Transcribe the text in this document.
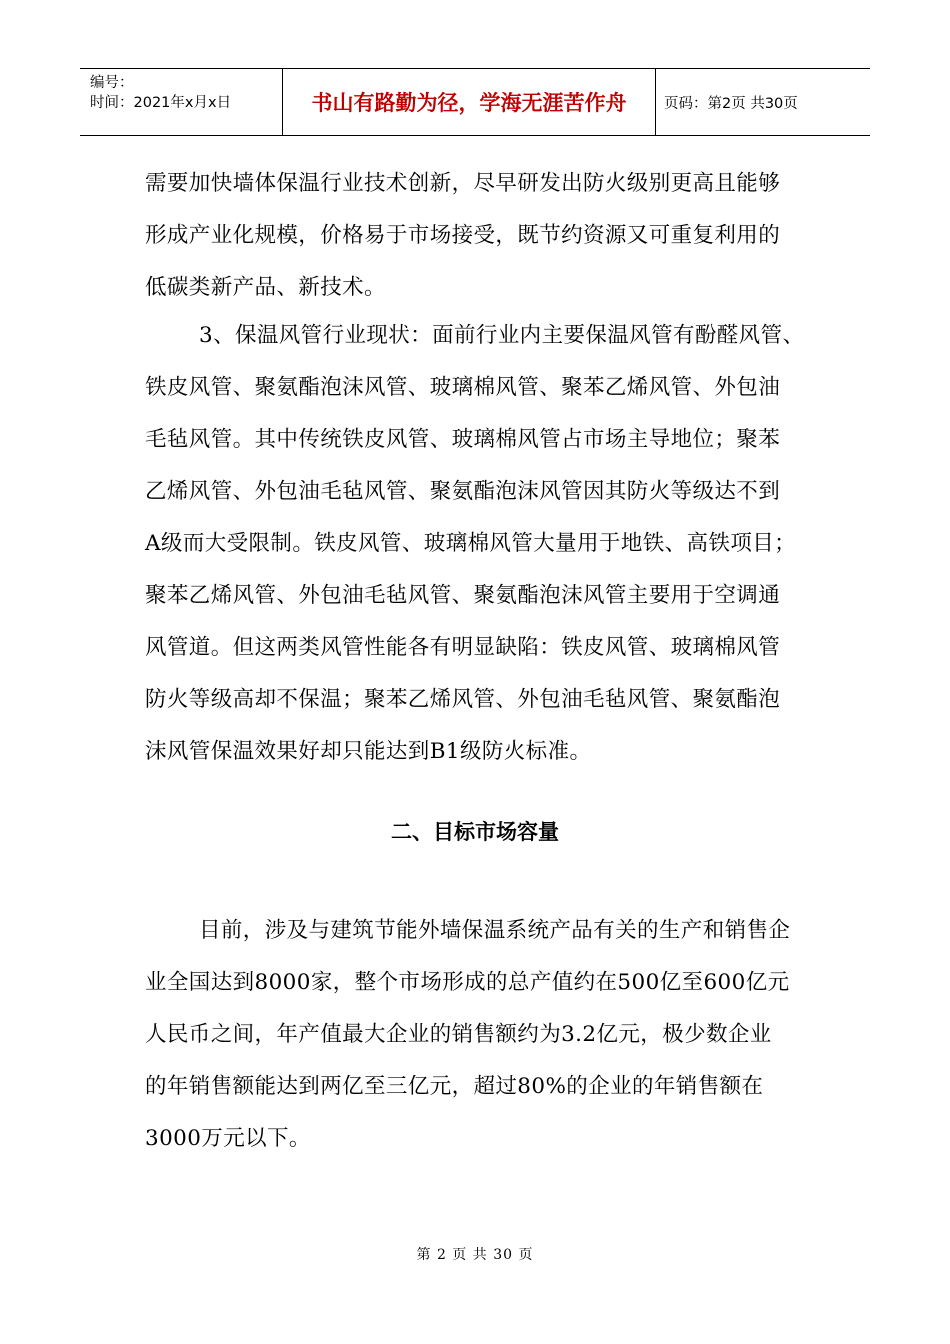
编号：
时间：2021年x月x日	书山有路勤为径，学海无涯苦作舟	页码：第2页 共30页
需要加快墙体保温行业技术创新，尽早研发出防火级别更高且能够
形成产业化规模，价格易于市场接受，既节约资源又可重复利用的
低碳类新产品、新技术。
3、保温风管行业现状：面前行业内主要保温风管有酚醛风管、
铁皮风管、聚氨酯泡沫风管、玻璃棉风管、聚苯乙烯风管、外包油
毛毡风管。其中传统铁皮风管、玻璃棉风管占市场主导地位；聚苯
乙烯风管、外包油毛毡风管、聚氨酯泡沫风管因其防火等级达不到
A级而大受限制。铁皮风管、玻璃棉风管大量用于地铁、高铁项目；
聚苯乙烯风管、外包油毛毡风管、聚氨酯泡沫风管主要用于空调通
风管道。但这两类风管性能各有明显缺陷：铁皮风管、玻璃棉风管
防火等级高却不保温；聚苯乙烯风管、外包油毛毡风管、聚氨酯泡
沫风管保温效果好却只能达到B1级防火标准。
二、目标市场容量
目前，涉及与建筑节能外墙保温系统产品有关的生产和销售企
业全国达到8000家，整个市场形成的总产值约在500亿至600亿元
人民币之间，年产值最大企业的销售额约为3.2亿元，极少数企业
的年销售额能达到两亿至三亿元，超过80%的企业的年销售额在
3000万元以下。
第 2 页 共 30 页
